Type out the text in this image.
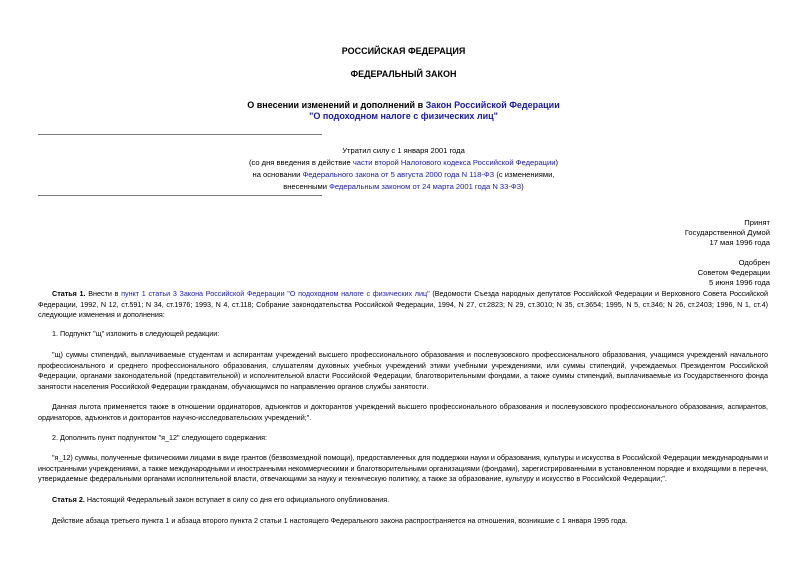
РОССИЙСКАЯ ФЕДЕРАЦИЯ
ФЕДЕРАЛЬНЫЙ ЗАКОН
О внесении изменений и дополнений в Закон Российской Федерации
"О подоходном налоге с физических лиц"
Утратил силу с 1 января 2001 года
(со дня введения в действие части второй Налогового кодекса Российской Федерации)
на основании Федерального закона от 5 августа 2000 года N 118-ФЗ (с изменениями,
внесенными Федеральным законом от 24 марта 2001 года N 33-ФЗ)
Принят
Государственной Думой
17 мая 1996 года
Одобрен
Советом Федерации
5 июня 1996 года
Статья 1. Внести в пункт 1 статьи 3 Закона Российской Федерации "О подоходном налоге с физических лиц" (Ведомости Съезда народных депутатов Российской Федерации и Верховного Совета Российской Федерации, 1992, N 12, ст.591; N 34, ст.1976; 1993, N 4, ст.118; Собрание законодательства Российской Федерации, 1994, N 27, ст.2823; N 29, ст.3010; N 35, ст.3654; 1995, N 5, ст.346; N 26, ст.2403; 1996, N 1, ст.4) следующие изменения и дополнения:
1. Подпункт "щ" изложить в следующей редакции:
"щ) суммы стипендий, выплачиваемые студентам и аспирантам учреждений высшего профессионального образования и послевузовского профессионального образования, учащимся учреждений начального профессионального и среднего профессионального образования, слушателям духовных учебных учреждений этими учебными учреждениями, или суммы стипендий, учреждаемых Президентом Российской Федерации, органами законодательной (представительной) и исполнительной власти Российской Федерации, благотворительными фондами, а также суммы стипендий, выплачиваемые из Государственного фонда занятости населения Российской Федерации гражданам, обучающимся по направлению органов службы занятости.
Данная льгота применяется также в отношении ординаторов, адъюнктов и докторантов учреждений высшего профессионального образования и послевузовского профессионального образования, аспирантов, ординаторов, адъюнктов и докторантов научно-исследовательских учреждений;".
2. Дополнить пункт подпунктом "я_12" следующего содержания:
"я_12) суммы, полученные физическими лицами в виде грантов (безвозмездной помощи), предоставленных для поддержки науки и образования, культуры и искусства в Российской Федерации международными и иностранными учреждениями, а также международными и иностранными некоммерческими и благотворительными организациями (фондами), зарегистрированными в установленном порядке и входящими в перечни, утверждаемые федеральными органами исполнительной власти, отвечающими за науку и техническую политику, а также за образование, культуру и искусство в Российской Федерации;".
Статья 2. Настоящий Федеральный закон вступает в силу со дня его официального опубликования.
Действие абзаца третьего пункта 1 и абзаца второго пункта 2 статьи 1 настоящего Федерального закона распространяется на отношения, возникшие с 1 января 1995 года.
